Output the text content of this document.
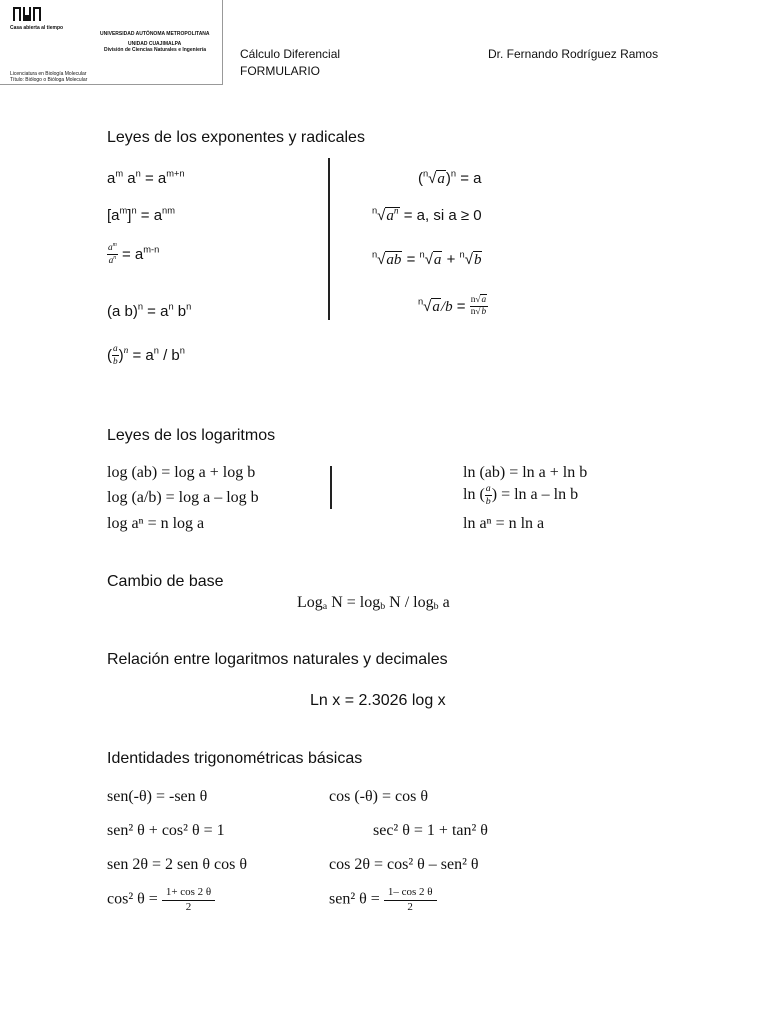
Casa abierta al tiempo
UNIVERSIDAD AUTÓNOMA METROPOLITANA
UNIDAD CUAJIMALPA
División de Ciencias Naturales e Ingeniería
Licenciatura en Biología Molecular
Título: Biólogo o Bióloga Molecular
Cálculo Diferencial
FORMULARIO
Dr. Fernando Rodríguez Ramos
Leyes de los exponentes y radicales
$a^m$ $a^n = a^{m+n}$
$[a^m]^n = a^{nm}$
$\frac{a^m}{a^n} = a^{m-n}$
(a $b)^n = a^n$ $b^n$
( $\frac{a}{b} )^n = a^n / b^n$
$(^n√a)^n = a$
$^n√a^n = a$, si a ≥ 0
$^n$√ab = $^n$√a + $^n$√b
$^n√a/b = \frac{n√a}{n√b}$
Leyes de los logaritmos
log (ab) = log a + log b
log (a/b) = log a – log b
log aⁿ = n log a
ln (ab) = ln a + ln b
ln ( $\frac{a}{b}$ ) = ln a – ln b
ln aⁿ = n ln a
Cambio de base
Log$_a$ $N = \log_b N / \log_b a$
Relación entre logaritmos naturales y decimales
Ln x = 2.3026 log x
Identidades trigonométricas básicas
sen(-θ) = -sen θ	cos (-θ) = cos θ
sen² θ + cos² θ = 1	sec² θ = 1 + tan² θ
sen 2θ = 2 sen θ cos θ	cos 2θ = cos² θ – sen² θ
cos² $\theta = \frac{1+ \cos 2 \theta}{2}$	sen² $\theta = \frac{1- \cos 2 \theta}{2}$
